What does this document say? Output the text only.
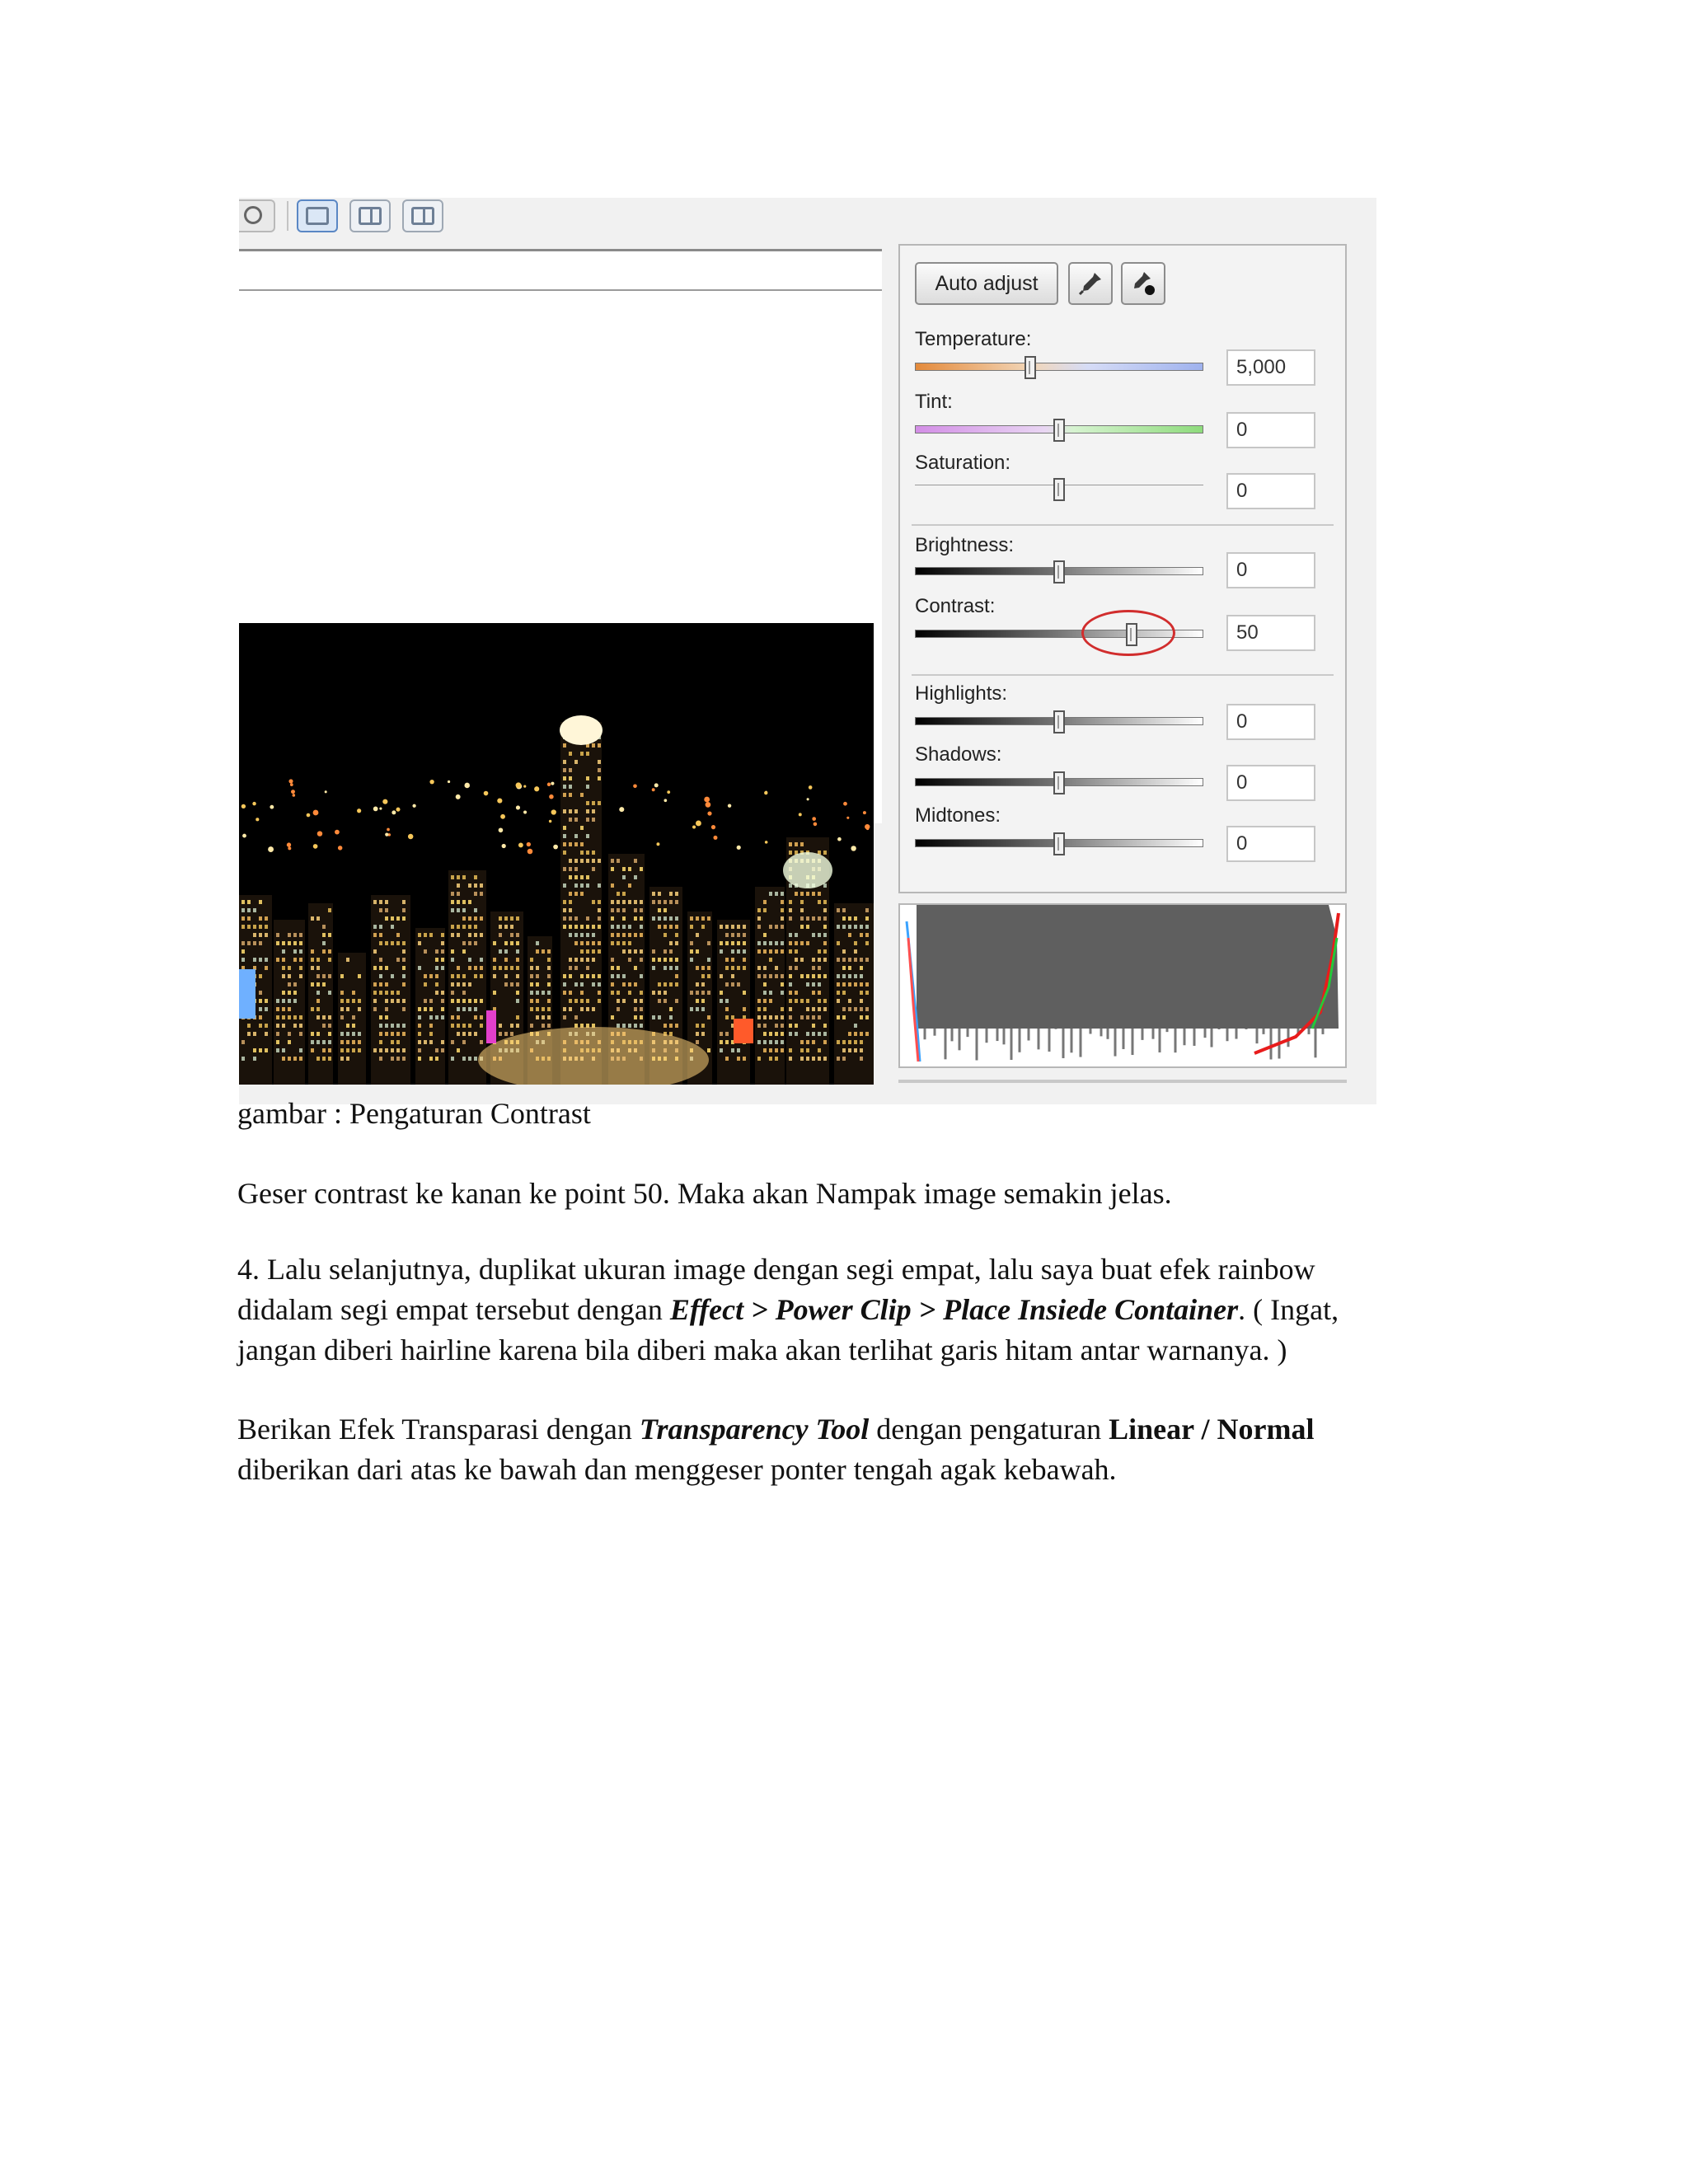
Auto adjust
Temperature:
5,000
Tint:
0
Saturation:
0
Brightness:
0
Contrast:
50
Highlights:
0
Shadows:
0
Midtones:
0
gambar : Pengaturan Contrast
Geser contrast ke kanan ke point 50. Maka akan Nampak image semakin jelas.
4. Lalu selanjutnya, duplikat ukuran image dengan segi empat, lalu saya buat efek rainbow
didalam segi empat tersebut dengan Effect > Power Clip > Place Insiede Container. ( Ingat,
jangan diberi hairline karena bila diberi maka akan terlihat garis hitam antar warnanya. )
Berikan Efek Transparasi dengan Transparency Tool dengan pengaturan Linear / Normal
diberikan dari atas ke bawah dan menggeser ponter tengah agak kebawah.
